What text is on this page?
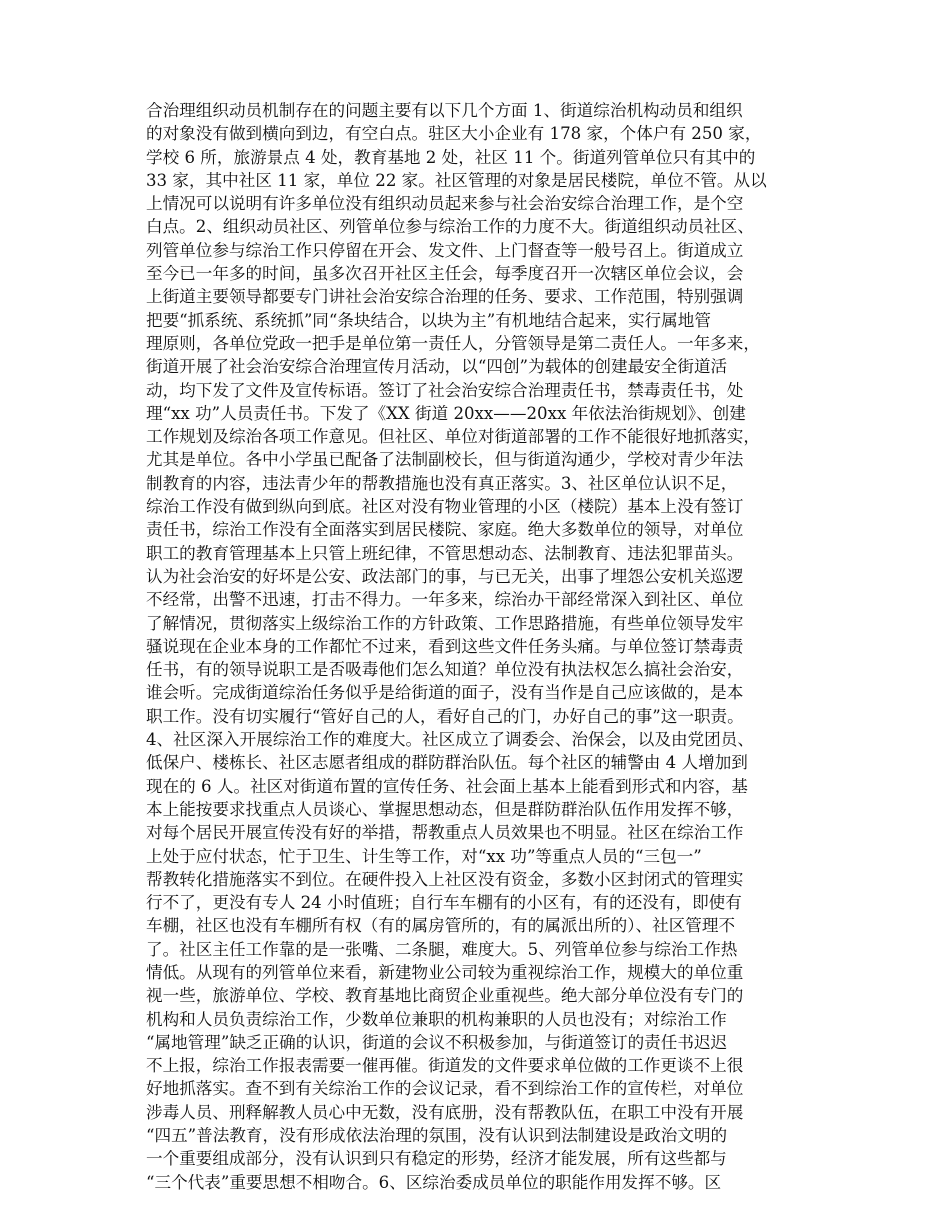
合治理组织动员机制存在的问题主要有以下几个方面 1、街道综治机构动员和组织
的对象没有做到横向到边，有空白点。驻区大小企业有 178 家，个体户有 250 家，
学校 6 所，旅游景点 4 处，教育基地 2 处，社区 11 个。街道列管单位只有其中的
33 家，其中社区 11 家，单位 22 家。社区管理的对象是居民楼院，单位不管。从以
上情况可以说明有许多单位没有组织动员起来参与社会治安综合治理工作，是个空
白点。2、组织动员社区、列管单位参与综治工作的力度不大。街道组织动员社区、
列管单位参与综治工作只停留在开会、发文件、上门督查等一般号召上。街道成立
至今已一年多的时间，虽多次召开社区主任会，每季度召开一次辖区单位会议，会
上街道主要领导都要专门讲社会治安综合治理的任务、要求、工作范围，特别强调
把要“抓系统、系统抓”同“条块结合，以块为主”有机地结合起来，实行属地管
理原则，各单位党政一把手是单位第一责任人，分管领导是第二责任人。一年多来，
街道开展了社会治安综合治理宣传月活动，以“四创”为载体的创建最安全街道活
动，均下发了文件及宣传标语。签订了社会治安综合治理责任书，禁毒责任书，处
理“xx 功”人员责任书。下发了《XX 街道 20xx——20xx 年依法治街规划》、创建
工作规划及综治各项工作意见。但社区、单位对街道部署的工作不能很好地抓落实，
尤其是单位。各中小学虽已配备了法制副校长，但与街道沟通少，学校对青少年法
制教育的内容，违法青少年的帮教措施也没有真正落实。3、社区单位认识不足，
综治工作没有做到纵向到底。社区对没有物业管理的小区（楼院）基本上没有签订
责任书，综治工作没有全面落实到居民楼院、家庭。绝大多数单位的领导，对单位
职工的教育管理基本上只管上班纪律，不管思想动态、法制教育、违法犯罪苗头。
认为社会治安的好坏是公安、政法部门的事，与已无关，出事了埋怨公安机关巡逻
不经常，出警不迅速，打击不得力。一年多来，综治办干部经常深入到社区、单位
了解情况，贯彻落实上级综治工作的方针政策、工作思路措施，有些单位领导发牢
骚说现在企业本身的工作都忙不过来，看到这些文件任务头痛。与单位签订禁毒责
任书，有的领导说职工是否吸毒他们怎么知道？单位没有执法权怎么搞社会治安，
谁会听。完成街道综治任务似乎是给街道的面子，没有当作是自己应该做的，是本
职工作。没有切实履行“管好自己的人，看好自己的门，办好自己的事”这一职责。
4、社区深入开展综治工作的难度大。社区成立了调委会、治保会，以及由党团员、
低保户、楼栋长、社区志愿者组成的群防群治队伍。每个社区的辅警由 4 人增加到
现在的 6 人。社区对街道布置的宣传任务、社会面上基本上能看到形式和内容，基
本上能按要求找重点人员谈心、掌握思想动态，但是群防群治队伍作用发挥不够，
对每个居民开展宣传没有好的举措，帮教重点人员效果也不明显。社区在综治工作
上处于应付状态，忙于卫生、计生等工作，对“xx 功”等重点人员的“三包一”
帮教转化措施落实不到位。在硬件投入上社区没有资金，多数小区封闭式的管理实
行不了，更没有专人 24 小时值班；自行车车棚有的小区有，有的还没有，即使有
车棚，社区也没有车棚所有权（有的属房管所的，有的属派出所的）、社区管理不
了。社区主任工作靠的是一张嘴、二条腿，难度大。5、列管单位参与综治工作热
情低。从现有的列管单位来看，新建物业公司较为重视综治工作，规模大的单位重
视一些，旅游单位、学校、教育基地比商贸企业重视些。绝大部分单位没有专门的
机构和人员负责综治工作，少数单位兼职的机构兼职的人员也没有；对综治工作
“属地管理”缺乏正确的认识，街道的会议不积极参加，与街道签订的责任书迟迟
不上报，综治工作报表需要一催再催。街道发的文件要求单位做的工作更谈不上很
好地抓落实。查不到有关综治工作的会议记录，看不到综治工作的宣传栏，对单位
涉毒人员、刑释解教人员心中无数，没有底册，没有帮教队伍，在职工中没有开展
“四五”普法教育，没有形成依法治理的氛围，没有认识到法制建设是政治文明的
一个重要组成部分，没有认识到只有稳定的形势，经济才能发展，所有这些都与
“三个代表”重要思想不相吻合。6、区综治委成员单位的职能作用发挥不够。区
